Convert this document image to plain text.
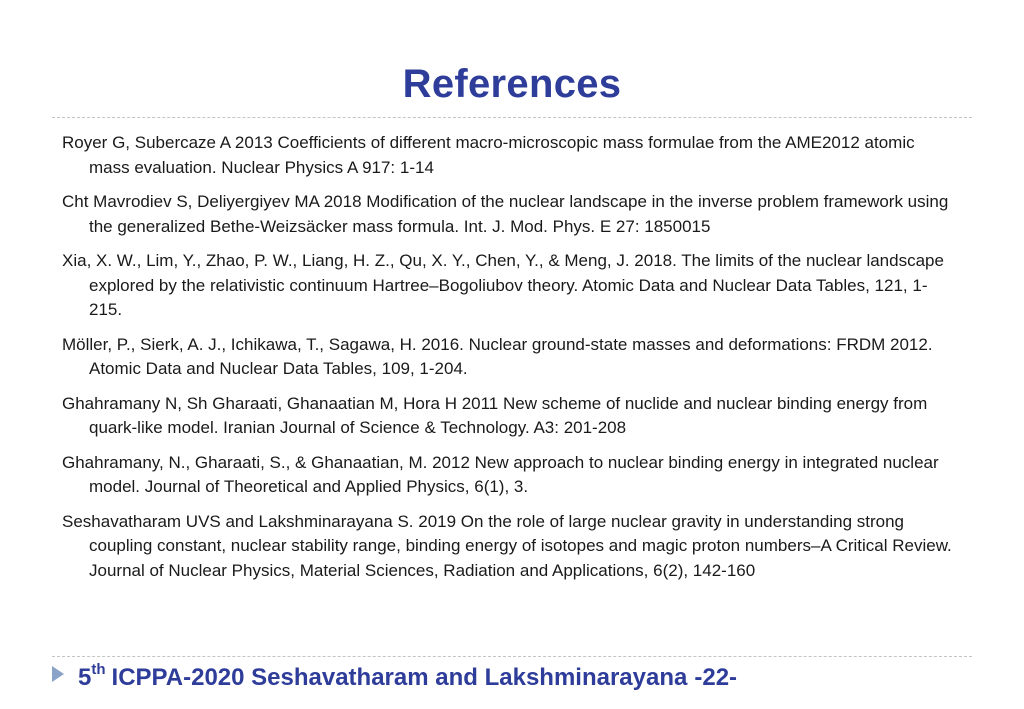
References
Royer G, Subercaze A 2013 Coefficients of different macro-microscopic mass formulae from the AME2012 atomic mass evaluation. Nuclear Physics A 917: 1-14
Cht Mavrodiev S, Deliyergiyev MA 2018 Modification of the nuclear landscape in the inverse problem framework using the generalized Bethe-Weizsäcker mass formula. Int. J. Mod. Phys. E 27: 1850015
Xia, X. W., Lim, Y., Zhao, P. W., Liang, H. Z., Qu, X. Y., Chen, Y., & Meng, J. 2018. The limits of the nuclear landscape explored by the relativistic continuum Hartree–Bogoliubov theory. Atomic Data and Nuclear Data Tables, 121, 1-215.
Möller, P., Sierk, A. J., Ichikawa, T., Sagawa, H. 2016. Nuclear ground-state masses and deformations: FRDM 2012. Atomic Data and Nuclear Data Tables, 109, 1-204.
Ghahramany N, Sh Gharaati, Ghanaatian M, Hora H 2011 New scheme of nuclide and nuclear binding energy from quark-like model. Iranian Journal of Science & Technology. A3: 201-208
Ghahramany, N., Gharaati, S., & Ghanaatian, M. 2012 New approach to nuclear binding energy in integrated nuclear model. Journal of Theoretical and Applied Physics, 6(1), 3.
Seshavatharam UVS and Lakshminarayana S. 2019 On the role of large nuclear gravity in understanding strong coupling constant, nuclear stability range, binding energy of isotopes and magic proton numbers–A Critical Review. Journal of Nuclear Physics, Material Sciences, Radiation and Applications, 6(2), 142-160
5 th ICPPA-2020 Seshavatharam and Lakshminarayana -22-
